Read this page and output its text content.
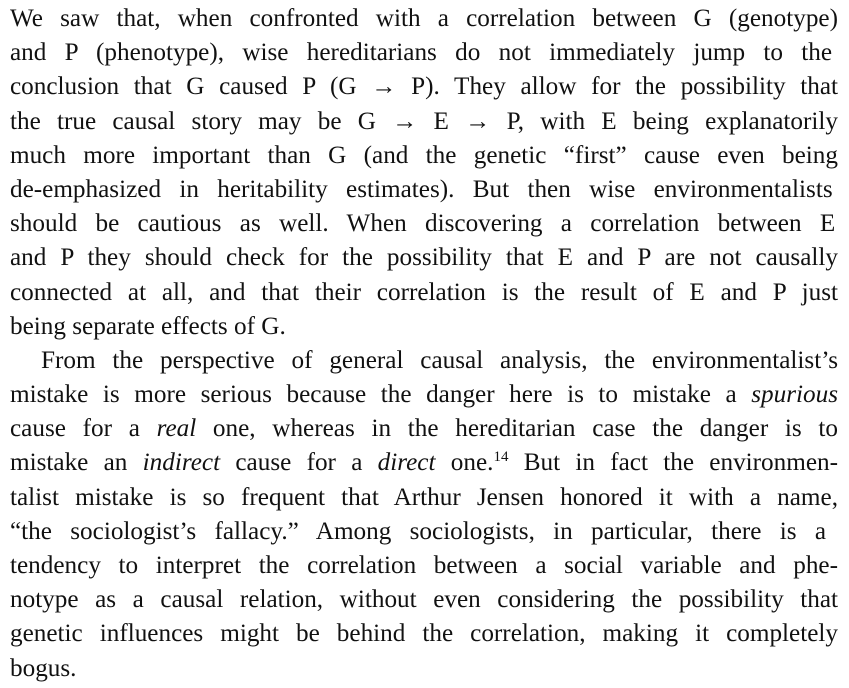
We saw that, when confronted with a correlation between G (genotype)
and P (phenotype), wise hereditarians do not immediately jump to the
conclusion that G caused P (G → P). They allow for the possibility that
the true causal story may be G → E → P, with E being explanatorily
much more important than G (and the genetic “first” cause even being
de-emphasized in heritability estimates). But then wise environmentalists
should be cautious as well. When discovering a correlation between E
and P they should check for the possibility that E and P are not causally
connected at all, and that their correlation is the result of E and P just
being separate effects of G.
From the perspective of general causal analysis, the environmentalist’s
mistake is more serious because the danger here is to mistake a spurious
cause for a real one, whereas in the hereditarian case the danger is to
mistake an indirect cause for a direct one.$^{14}$ But in fact the environmen-
talist mistake is so frequent that Arthur Jensen honored it with a name,
“the sociologist’s fallacy.” Among sociologists, in particular, there is a
tendency to interpret the correlation between a social variable and phe-
notype as a causal relation, without even considering the possibility that
genetic influences might be behind the correlation, making it completely
bogus.
